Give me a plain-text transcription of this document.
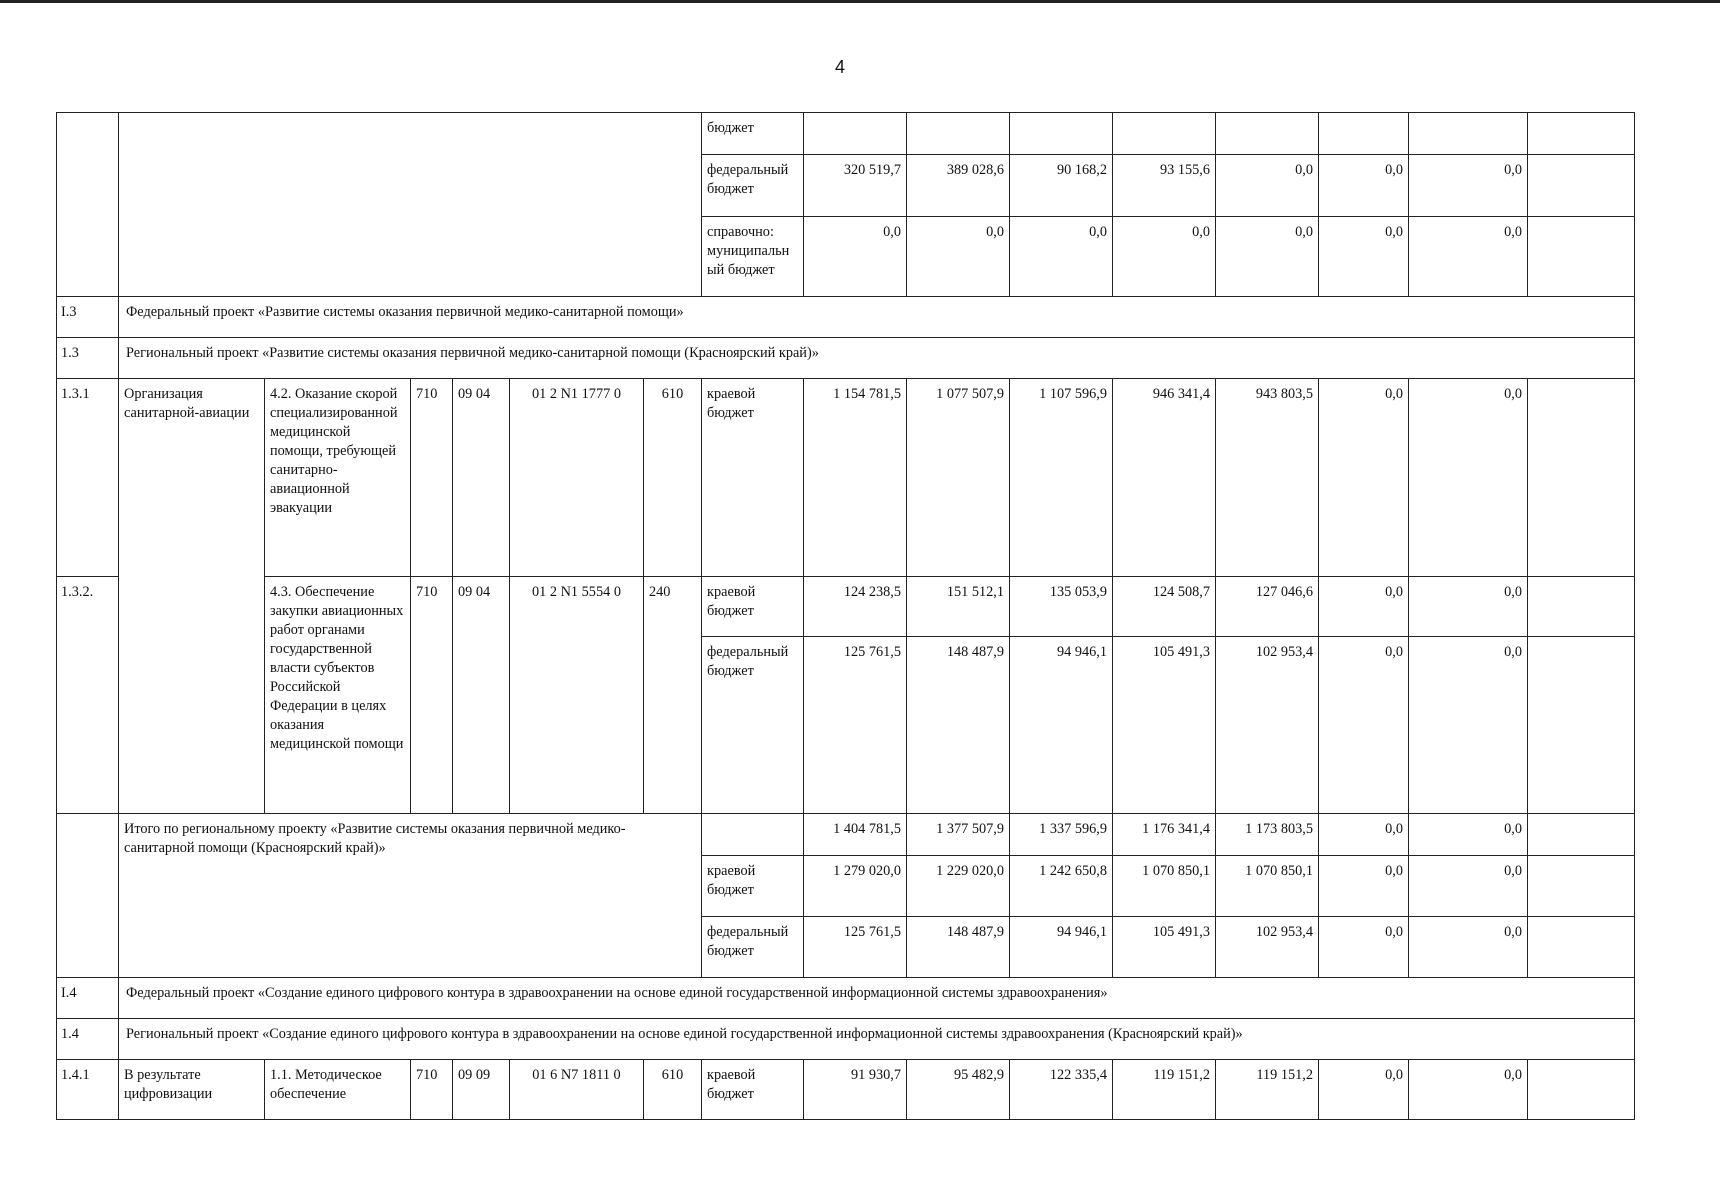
4
							бюджет								
							федеральный бюджет	320 519,7	389 028,6	90 168,2	93 155,6	0,0	0,0	0,0	
							справочно: муниципальный бюджет	0,0	0,0	0,0	0,0	0,0	0,0	0,0	
I.3	Федеральный проект «Развитие системы оказания первичной медико-санитарной помощи»														
1.3	Региональный проект «Развитие системы оказания первичной медико-санитарной помощи (Красноярский край)»														
1.3.1	Организация санитарной-авиации	4.2. Оказание скорой специализированной медицинской помощи, требующей санитарно-авиационной эвакуации	710	09 04	01 2 N1 1777 0	610	краевой бюджет	1 154 781,5	1 077 507,9	1 107 596,9	946 341,4	943 803,5	0,0	0,0	
1.3.2.		4.3. Обеспечение закупки авиационных работ органами государственной власти субъектов Российской Федерации в целях оказания медицинской помощи	710	09 04	01 2 N1 5554 0	240	краевой бюджет	124 238,5	151 512,1	135 053,9	124 508,7	127 046,6	0,0	0,0	
							федеральный бюджет	125 761,5	148 487,9	94 946,1	105 491,3	102 953,4	0,0	0,0	
	Итого по региональному проекту «Развитие системы оказания первичной медико-санитарной помощи (Красноярский край)»							1 404 781,5	1 377 507,9	1 337 596,9	1 176 341,4	1 173 803,5	0,0	0,0	
							краевой бюджет	1 279 020,0	1 229 020,0	1 242 650,8	1 070 850,1	1 070 850,1	0,0	0,0	
							федеральный бюджет	125 761,5	148 487,9	94 946,1	105 491,3	102 953,4	0,0	0,0	
I.4	Федеральный проект «Создание единого цифрового контура в здравоохранении на основе единой государственной информационной системы здравоохранения»														
1.4	Региональный проект «Создание единого цифрового контура в здравоохранении на основе единой государственной информационной системы здравоохранения (Красноярский край)»														
1.4.1	В результате цифровизации	1.1. Методическое обеспечение	710	09 09	01 6 N7 1811 0	610	краевой бюджет	91 930,7	95 482,9	122 335,4	119 151,2	119 151,2	0,0	0,0	
